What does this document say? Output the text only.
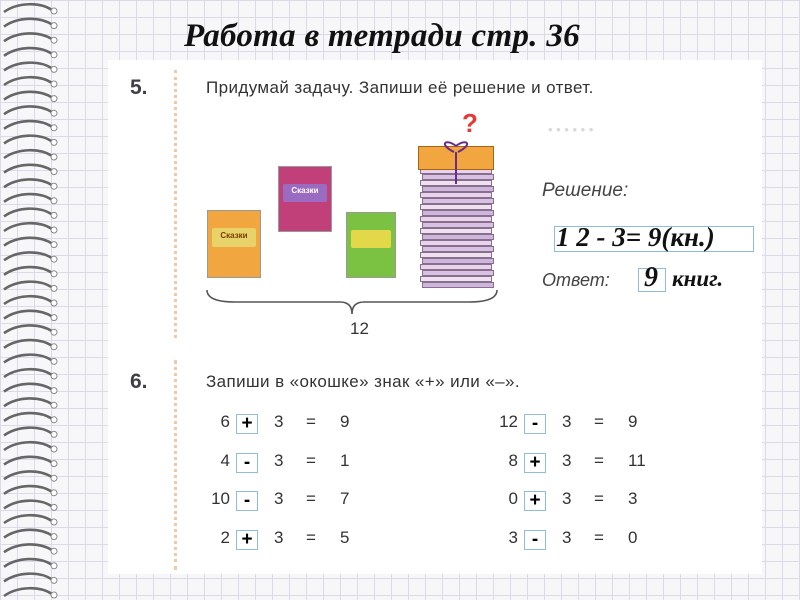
Работа в тетради стр. 36
5.	Придумай задачу. Запиши её решение и ответ.
• • • • • •
6.	Запиши в «окошке» знак «+» или «–».
Сказки
Сказки
?
12
Решение:
1 2 - 3= 9(кн.)
Ответ: 9 книг.
6 +	3 = 9
4 -	3 = 1
10 -	3 = 7
2 +	3 = 5
12 -	3 = 9
8 +	3 = 11
0 +	3 = 3
3 -	3 = 0
